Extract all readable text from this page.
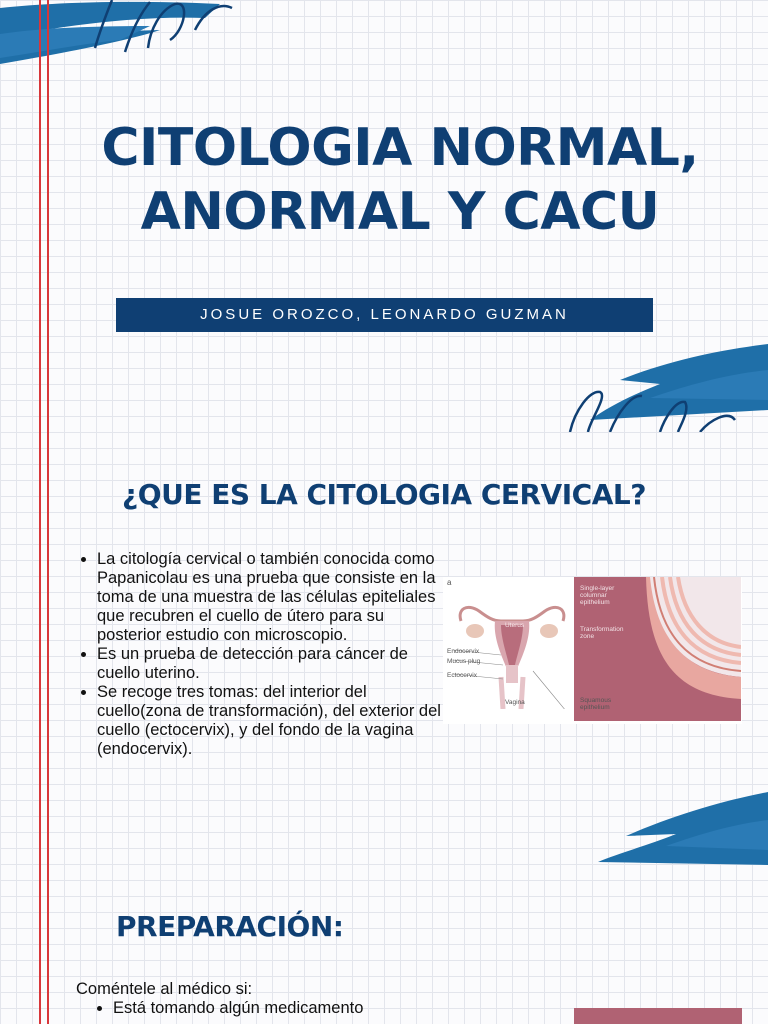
CITOLOGIA NORMAL,
ANORMAL Y CACU
JOSUE OROZCO, LEONARDO GUZMAN
¿QUE ES LA CITOLOGIA CERVICAL?
• La citología cervical o también conocida como Papanicolau es una prueba que consiste en la toma de una muestra de las células epiteliales que recubren el cuello de útero para su posterior estudio con microscopio.
• Es un prueba de detección para cáncer de cuello uterino.
• Se recoge tres tomas: del interior del cuello(zona de transformación), del exterior del cuello (ectocervix), y del fondo de la vagina (endocervix).
a
Uterus
Endocervix
Mucus plug
Ectocervix
Vagina
Single-layer columnar epithelium
Transformation zone
Squamous epithelium
PREPARACIÓN:

Coméntele al médico si:

• Está tomando algún medicamento
